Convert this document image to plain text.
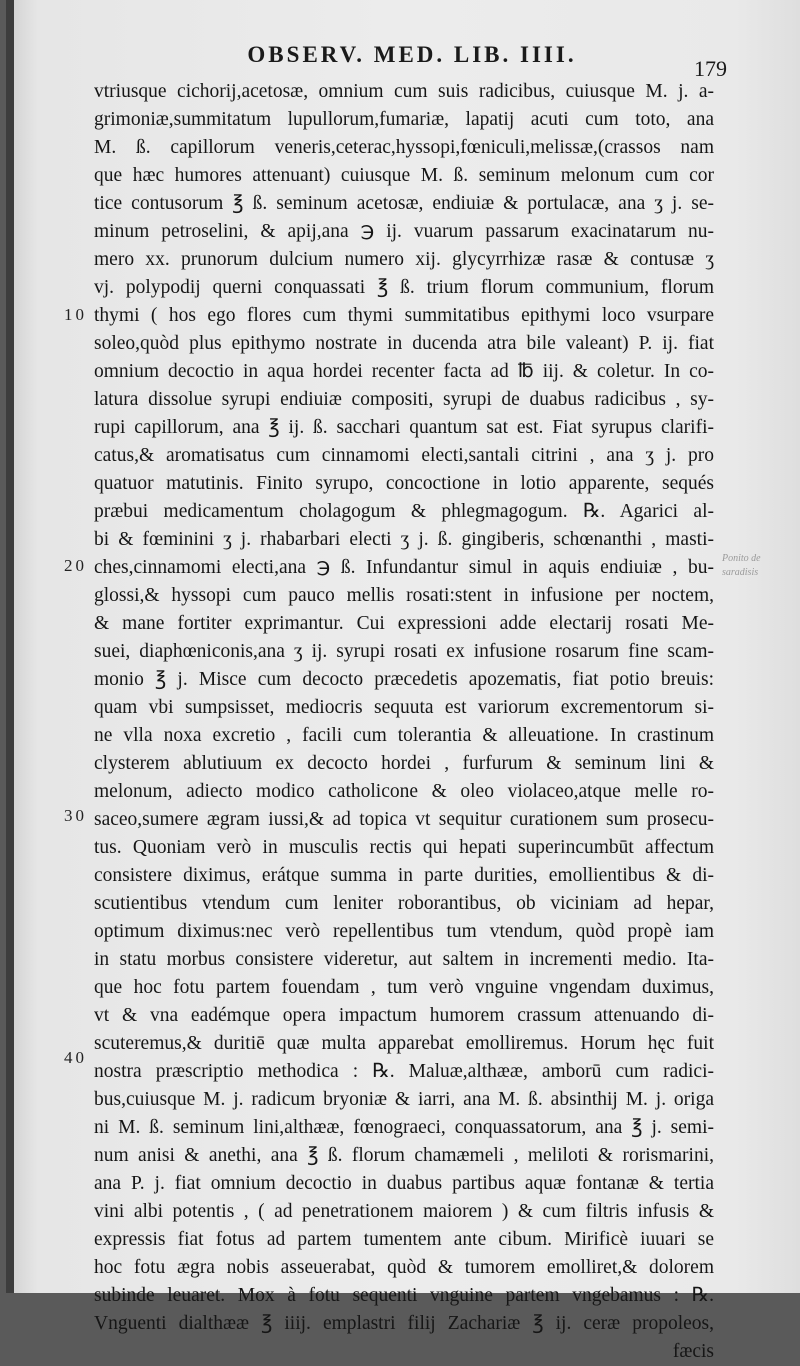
OBSERV. MED. LIB. IIII.
179
10
20
30
40
Ponito de saradisis
vtriusque cichorij,acetosæ, omnium cum suis radicibus, cuiusque M. j. a-
grimoniæ,summitatum lupullorum,fumariæ, lapatij acuti cum toto, ana
M. ß. capillorum veneris,ceterac,hyssopi,fœniculi,melissæ,(crassos nam
que hæc humores attenuant) cuiusque M. ß. seminum melonum cum cor
tice contusorum ℥ ß. seminum acetosæ, endiuiæ & portulacæ, ana ʒ j. se-
minum petroselini, & apij,ana ℈ ij. vuarum passarum exacinatarum nu-
mero xx. prunorum dulcium numero xij. glycyrrhizæ rasæ & contusæ ʒ
vj. polypodij querni conquassati ℥ ß. trium florum communium, florum
thymi ( hos ego flores cum thymi summitatibus epithymi loco vsurpare
soleo,quòd plus epithymo nostrate in ducenda atra bile valeant) P. ij. fiat
omnium decoctio in aqua hordei recenter facta ad ℔ iij. & coletur. In co-
latura dissolue syrupi endiuiæ compositi, syrupi de duabus radicibus , sy-
rupi capillorum, ana ℥ ij. ß. sacchari quantum sat est. Fiat syrupus clarifi-
catus,& aromatisatus cum cinnamomi electi,santali citrini , ana ʒ j. pro
quatuor matutinis. Finito syrupo, concoctione in lotio apparente, sequés
præbui medicamentum cholagogum & phlegmagogum. ℞. Agarici al-
bi & fœminini ʒ j. rhabarbari electi ʒ j. ß. gingiberis, schœnanthi , masti-
ches,cinnamomi electi,ana ℈ ß. Infundantur simul in aquis endiuiæ , bu-
glossi,& hyssopi cum pauco mellis rosati:stent in infusione per noctem,
& mane fortiter exprimantur. Cui expressioni adde electarij rosati Me-
suei, diaphœniconis,ana ʒ ij. syrupi rosati ex infusione rosarum fine scam-
monio ℥ j. Misce cum decocto præcedetis apozematis, fiat potio breuis:
quam vbi sumpsisset, mediocris sequuta est variorum excrementorum si-
ne vlla noxa excretio , facili cum tolerantia & alleuatione. In crastinum
clysterem ablutiuum ex decocto hordei , furfurum & seminum lini &
melonum, adiecto modico catholicone & oleo violaceo,atque melle ro-
saceo,sumere ægram iussi,& ad topica vt sequitur curationem sum prosecu-
tus. Quoniam verò in musculis rectis qui hepati superincumbūt affectum
consistere diximus, erátque summa in parte durities, emollientibus & di-
scutientibus vtendum cum leniter roborantibus, ob viciniam ad hepar,
optimum diximus:nec verò repellentibus tum vtendum, quòd propè iam
in statu morbus consistere videretur, aut saltem in incrementi medio. Ita-
que hoc fotu partem fouendam , tum verò vnguine vngendam duximus,
vt & vna eadémque opera impactum humorem crassum attenuando di-
scuteremus,& duritiē quæ multa apparebat emolliremus. Horum hęc fuit
nostra præscriptio methodica : ℞. Maluæ,althææ, amborū cum radici-
bus,cuiusque M. j. radicum bryoniæ & iarri, ana M. ß. absinthij M. j. origa
ni M. ß. seminum lini,althææ, fœnograeci, conquassatorum, ana ℥ j. semi-
num anisi & anethi, ana ℥ ß. florum chamæmeli , meliloti & rorismarini,
ana P. j. fiat omnium decoctio in duabus partibus aquæ fontanæ & tertia
vini albi potentis , ( ad penetrationem maiorem ) & cum filtris infusis &
expressis fiat fotus ad partem tumentem ante cibum. Mirificè iuuari se
hoc fotu ægra nobis asseuerabat, quòd & tumorem emolliret,& dolorem
subinde leuaret. Mox à fotu sequenti vnguine partem vngebamus : ℞.
Vnguenti dialthææ ℥ iiij. emplastri filij Zachariæ ℥ ij. ceræ propoleos,
fæcis
